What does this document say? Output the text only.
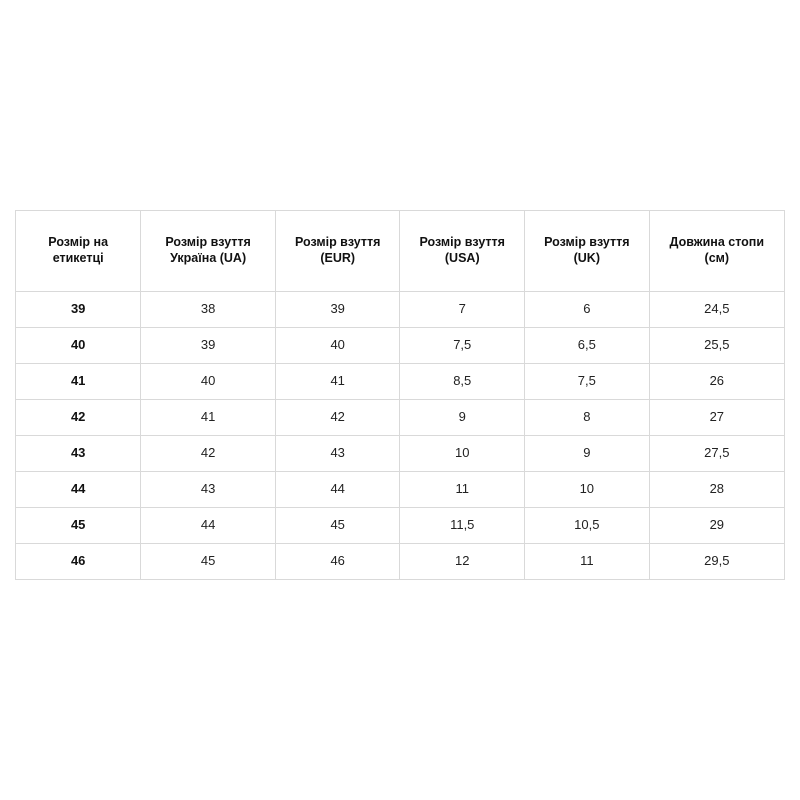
Розмір на етикетці	Розмір взуття Україна (UA)	Розмір взуття (EUR)	Розмір взуття (USA)	Розмір взуття (UK)	Довжина стопи (см)
39	38	39	7	6	24,5
40	39	40	7,5	6,5	25,5
41	40	41	8,5	7,5	26
42	41	42	9	8	27
43	42	43	10	9	27,5
44	43	44	11	10	28
45	44	45	11,5	10,5	29
46	45	46	12	11	29,5
